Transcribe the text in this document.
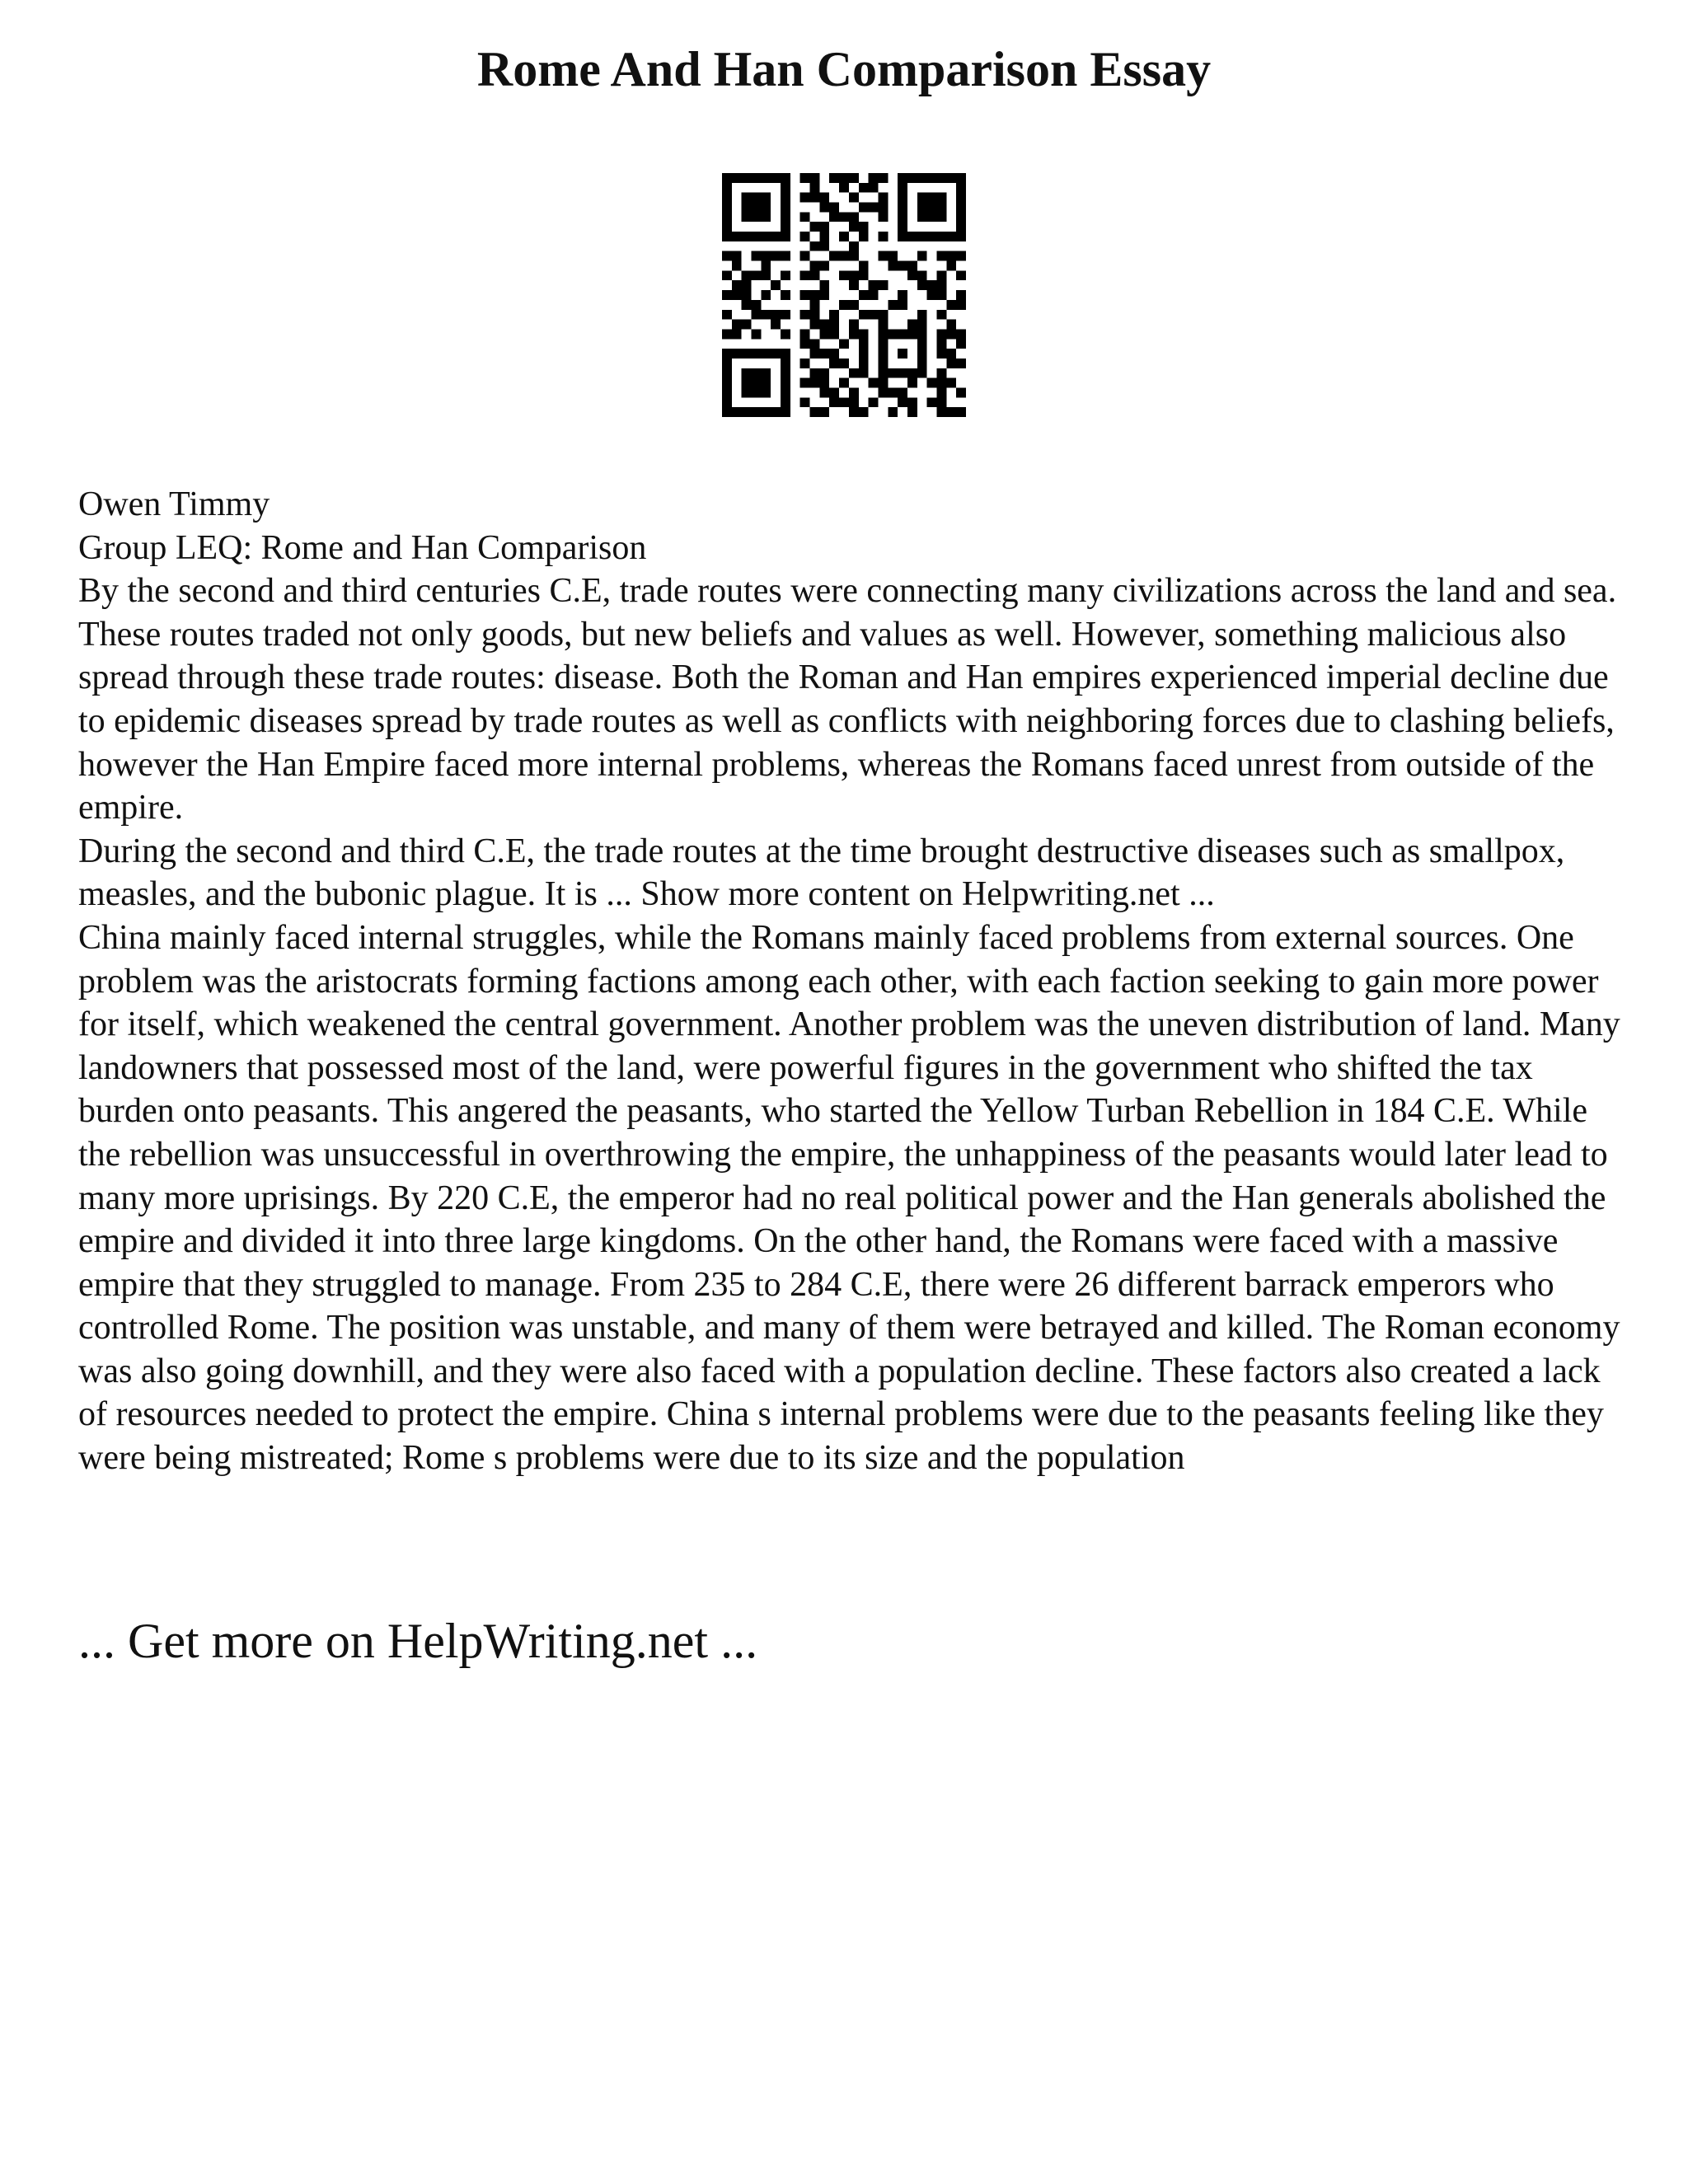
Rome And Han Comparison Essay

Owen Timmy

Group LEQ: Rome and Han Comparison

By the second and third centuries C.E, trade routes were connecting many civilizations across the land and sea. These routes traded not only goods, but new beliefs and values as well. However, something malicious also spread through these trade routes: disease. Both the Roman and Han empires experienced imperial decline due to epidemic diseases spread by trade routes as well as conflicts with neighboring forces due to clashing beliefs, however the Han Empire faced more internal problems, whereas the Romans faced unrest from outside of the empire.

During the second and third C.E, the trade routes at the time brought destructive diseases such as smallpox, measles, and the bubonic plague. It is ... Show more content on Helpwriting.net ...

China mainly faced internal struggles, while the Romans mainly faced problems from external sources. One problem was the aristocrats forming factions among each other, with each faction seeking to gain more power for itself, which weakened the central government. Another problem was the uneven distribution of land. Many landowners that possessed most of the land, were powerful figures in the government who shifted the tax burden onto peasants. This angered the peasants, who started the Yellow Turban Rebellion in 184 C.E. While the rebellion was unsuccessful in overthrowing the empire, the unhappiness of the peasants would later lead to many more uprisings. By 220 C.E, the emperor had no real political power and the Han generals abolished the empire and divided it into three large kingdoms. On the other hand, the Romans were faced with a massive empire that they struggled to manage. From 235 to 284 C.E, there were 26 different barrack emperors who controlled Rome. The position was unstable, and many of them were betrayed and killed. The Roman economy was also going downhill, and they were also faced with a population decline. These factors also created a lack of resources needed to protect the empire. China s internal problems were due to the peasants feeling like they were being mistreated; Rome s problems were due to its size and the population

... Get more on HelpWriting.net ...
